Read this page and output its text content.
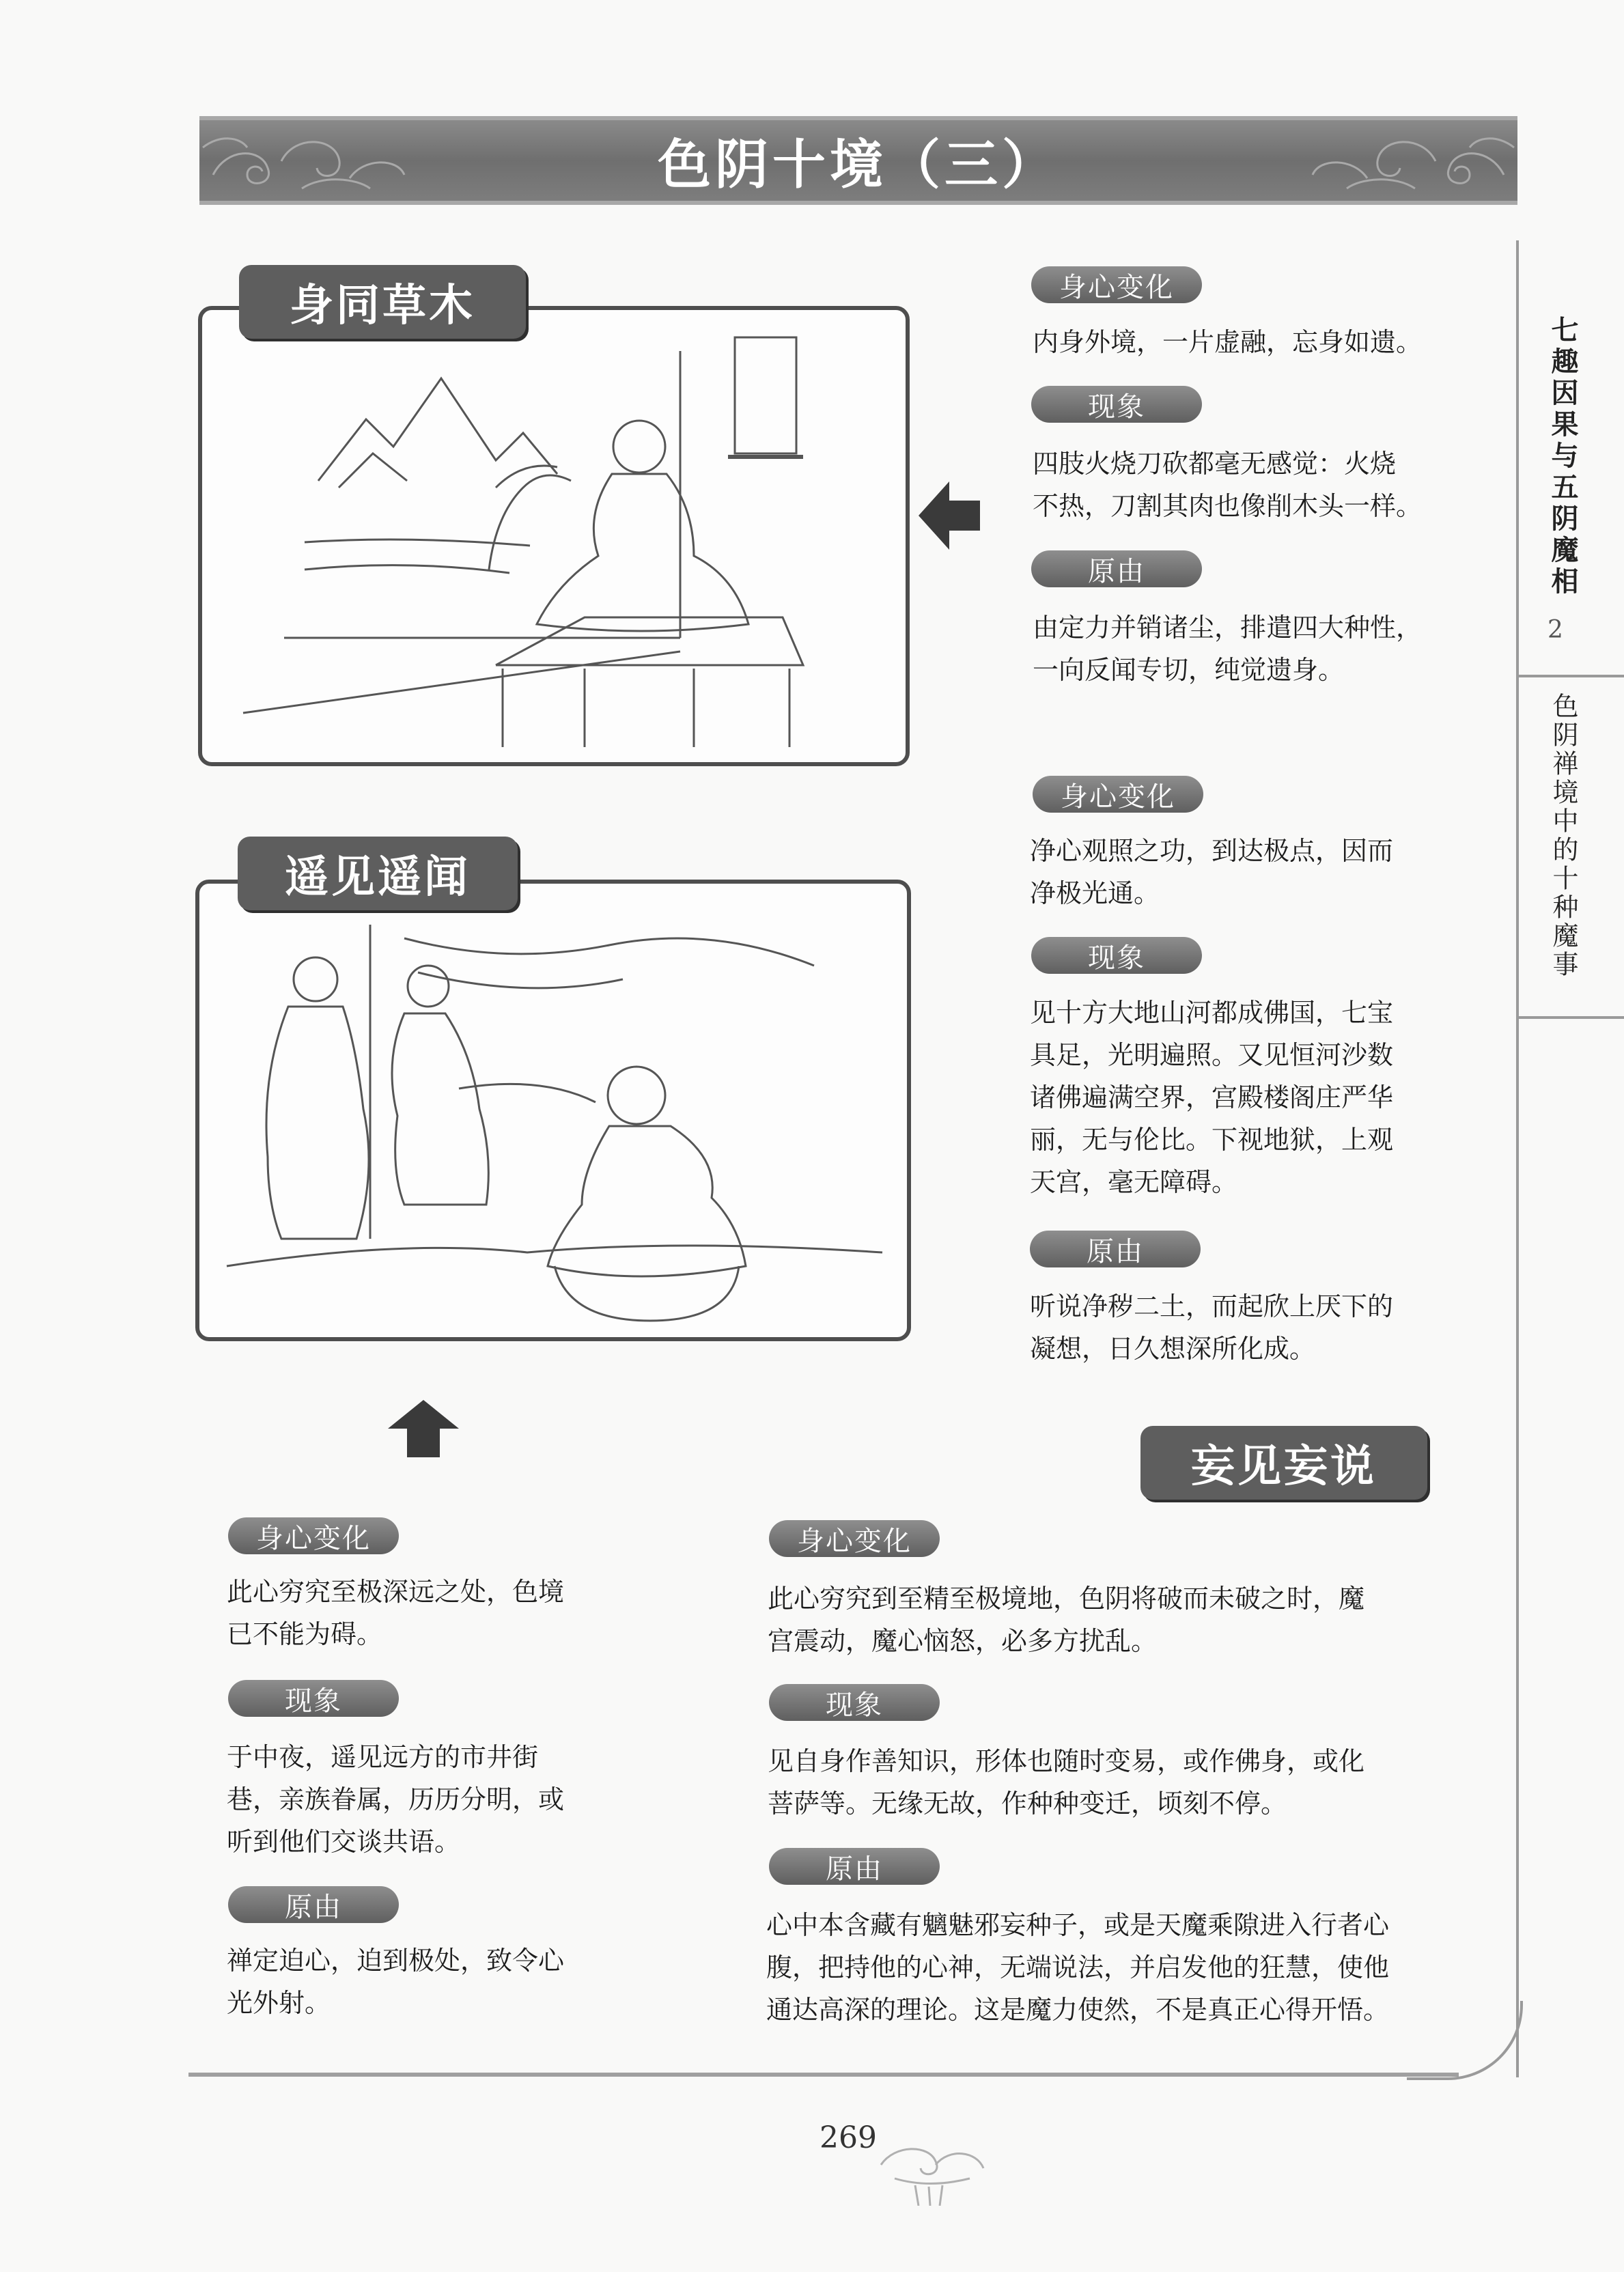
色阴十境（三）
七趣因果与五阴魔相
2
色阴禅境中的十种魔事
身同草木
遥见遥闻
妄见妄说
身心变化
内身外境，一片虚融，忘身如遗。
现象
四肢火烧刀砍都毫无感觉：火烧
不热，刀割其肉也像削木头一样。
原由
由定力并销诸尘，排遣四大种性，
一向反闻专切，纯觉遗身。
身心变化
净心观照之功，到达极点，因而
净极光通。
现象
见十方大地山河都成佛国，七宝
具足，光明遍照。又见恒河沙数
诸佛遍满空界，宫殿楼阁庄严华
丽，无与伦比。下视地狱，上观
天宫，毫无障碍。
原由
听说净秽二土，而起欣上厌下的
凝想，日久想深所化成。
身心变化
此心穷究至极深远之处，色境
已不能为碍。
现象
于中夜，遥见远方的市井街
巷，亲族眷属，历历分明，或
听到他们交谈共语。
原由
禅定迫心，迫到极处，致令心
光外射。
身心变化
此心穷究到至精至极境地，色阴将破而未破之时，魔
宫震动，魔心恼怒，必多方扰乱。
现象
见自身作善知识，形体也随时变易，或作佛身，或化
菩萨等。无缘无故，作种种变迁，顷刻不停。
原由
心中本含藏有魑魅邪妄种子，或是天魔乘隙进入行者心
腹，把持他的心神，无端说法，并启发他的狂慧，使他
通达高深的理论。这是魔力使然，不是真正心得开悟。
269
